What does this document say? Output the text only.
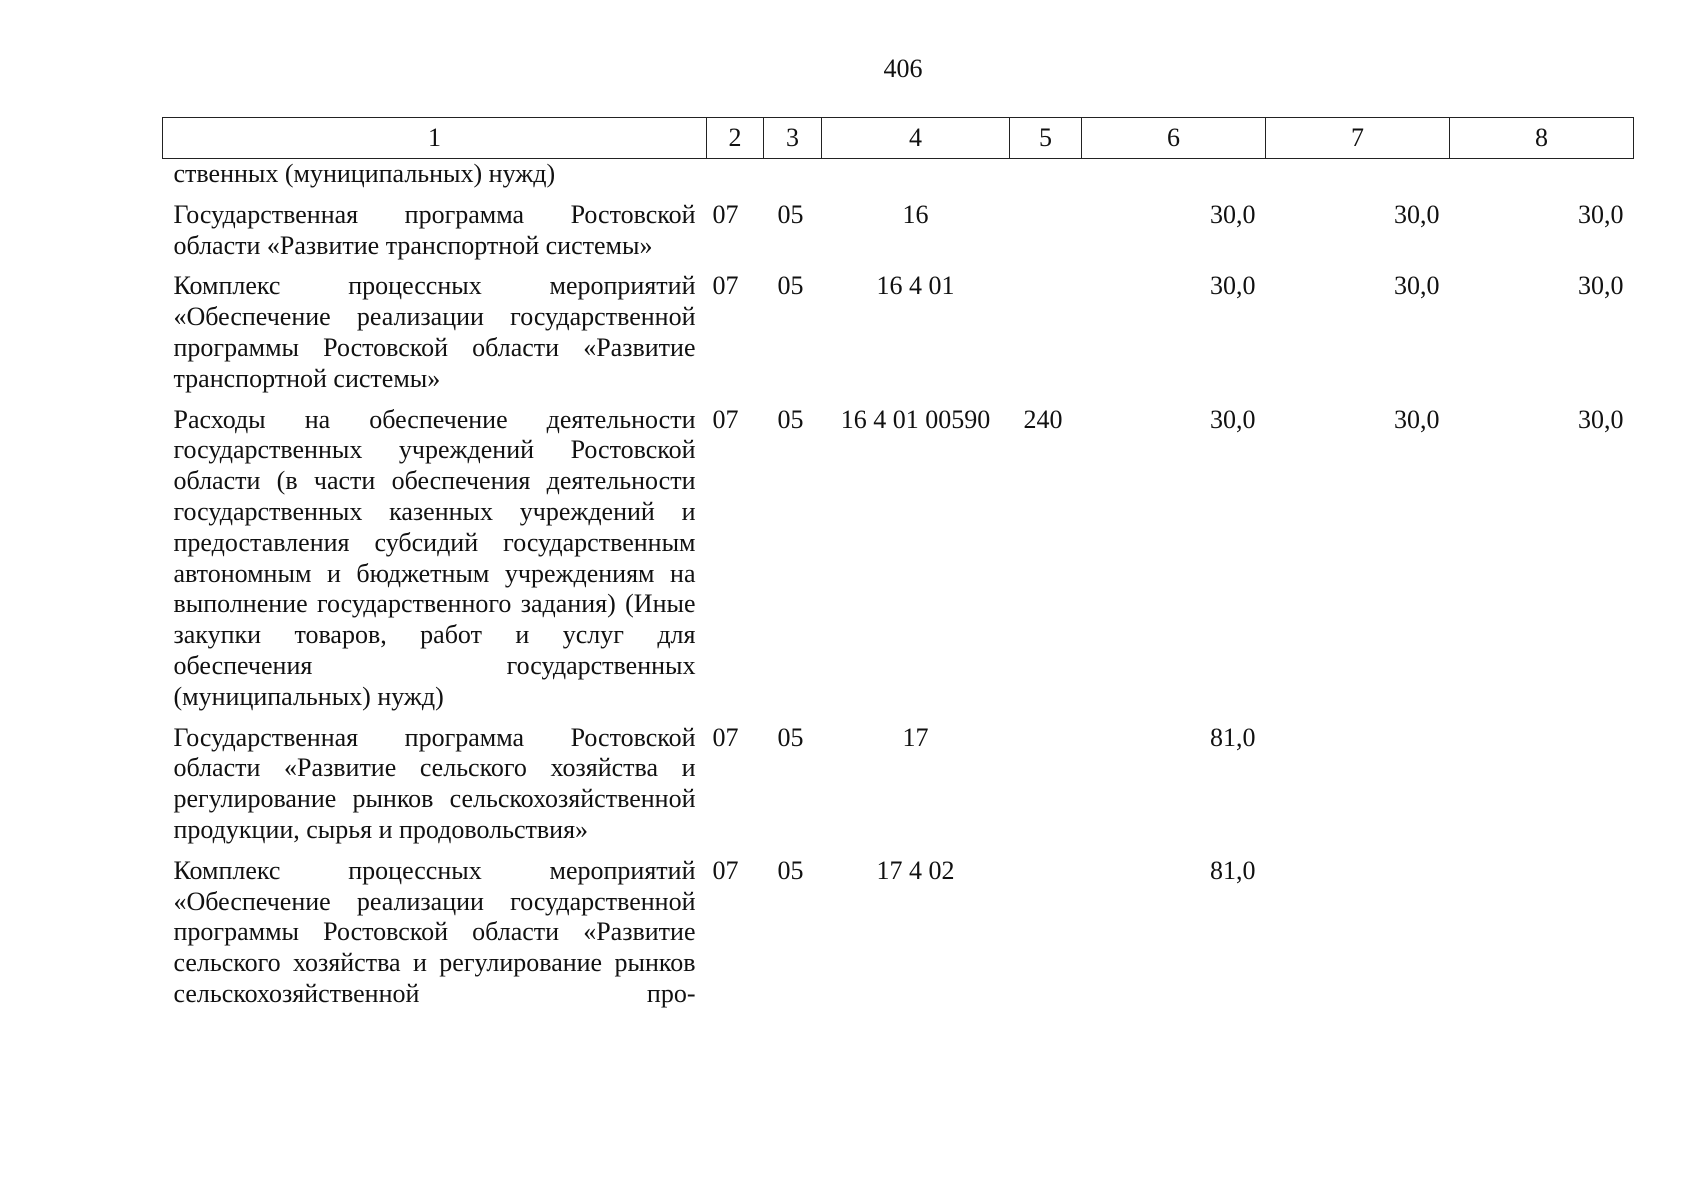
406
1	2	3	4	5	6	7	8
ственных (муниципальных) нужд)							
Государственная программа Ростовской области «Развитие транспортной системы»	07	05	16		30,0	30,0	30,0
Комплекс процессных мероприятий «Обеспечение реализации государственной программы Ростовской области «Развитие транспортной системы»	07	05	16 4 01		30,0	30,0	30,0
Расходы на обеспечение деятельности государственных учреждений Ростовской области (в части обеспечения деятельности государственных казенных учреждений и предоставления субсидий государственным автономным и бюджетным учреждениям на выполнение государственного задания) (Иные закупки товаров, работ и услуг для обеспечения государственных (муниципальных) нужд)	07	05	16 4 01 00590	240	30,0	30,0	30,0
Государственная программа Ростовской области «Развитие сельского хозяйства и регулирование рынков сельскохозяйственной продукции, сырья и продовольствия»	07	05	17		81,0		
Комплекс процессных мероприятий «Обеспечение реализации государственной программы Ростовской области «Развитие сельского хозяйства и регулирование рынков сельскохозяйственной про-	07	05	17 4 02		81,0		
